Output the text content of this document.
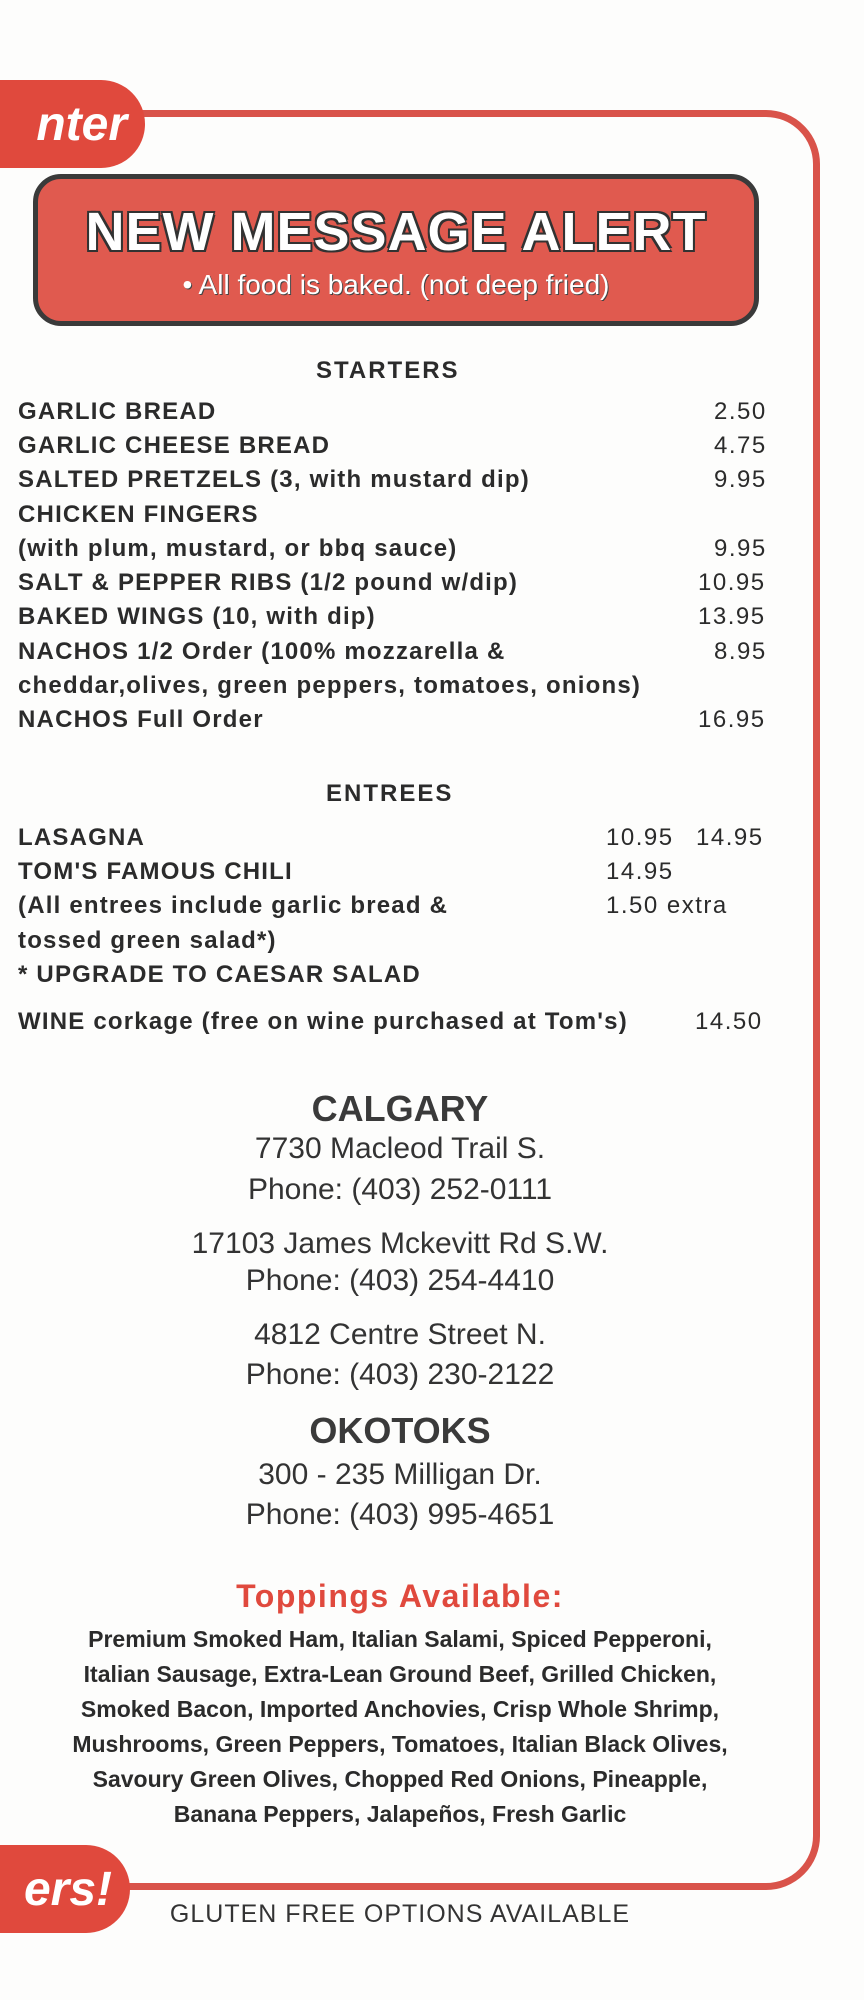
nter
NEW MESSAGE ALERT
• All food is baked. (not deep fried)
STARTERS
GARLIC BREAD	2.50
GARLIC CHEESE BREAD	4.75
SALTED PRETZELS (3, with mustard dip)	9.95
CHICKEN FINGERS
(with plum, mustard, or bbq sauce)	9.95
SALT & PEPPER RIBS (1/2 pound w/dip)	10.95
BAKED WINGS (10, with dip)	13.95
NACHOS 1/2 Order (100% mozzarella &	8.95
cheddar,olives, green peppers, tomatoes, onions)
NACHOS Full Order	16.95
ENTREES
LASAGNA	10.95 14.95
TOM'S FAMOUS CHILI	14.95
(All entrees include garlic bread &	1.50 extra
tossed green salad*)
* UPGRADE TO CAESAR SALAD
WINE corkage (free on wine purchased at Tom's)	14.50
CALGARY
7730 Macleod Trail S.
Phone: (403) 252-0111
17103 James Mckevitt Rd S.W.
Phone: (403) 254-4410
4812 Centre Street N.
Phone: (403) 230-2122
OKOTOKS
300 - 235 Milligan Dr.
Phone: (403) 995-4651
Toppings Available:
Premium Smoked Ham, Italian Salami, Spiced Pepperoni,
Italian Sausage, Extra-Lean Ground Beef, Grilled Chicken,
Smoked Bacon, Imported Anchovies, Crisp Whole Shrimp,
Mushrooms, Green Peppers, Tomatoes, Italian Black Olives,
Savoury Green Olives, Chopped Red Onions, Pineapple,
Banana Peppers, Jalapeños, Fresh Garlic
ers!	GLUTEN FREE OPTIONS AVAILABLE
